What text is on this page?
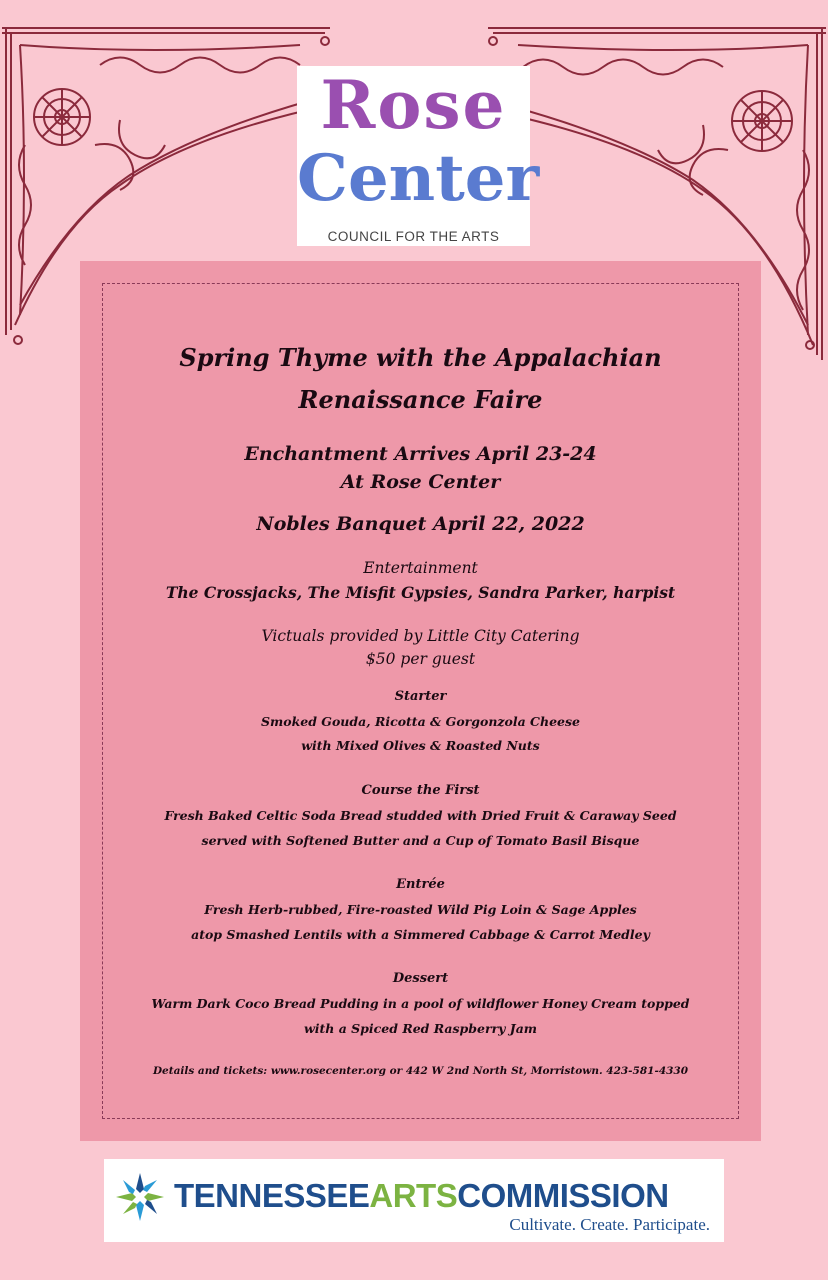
Rose
Center
COUNCIL FOR THE ARTS
Spring Thyme with the Appalachian
Renaissance Faire
Enchantment Arrives April 23-24
At Rose Center
Nobles Banquet April 22, 2022
Entertainment
The Crossjacks, The Misfit Gypsies, Sandra Parker, harpist
Victuals provided by Little City Catering
$50 per guest
Starter
Smoked Gouda, Ricotta & Gorgonzola Cheese
with Mixed Olives & Roasted Nuts
Course the First
Fresh Baked Celtic Soda Bread studded with Dried Fruit & Caraway Seed
served with Softened Butter and a Cup of Tomato Basil Bisque
Entrée
Fresh Herb-rubbed, Fire-roasted Wild Pig Loin & Sage Apples
atop Smashed Lentils with a Simmered Cabbage & Carrot Medley
Dessert
Warm Dark Coco Bread Pudding in a pool of wildflower Honey Cream topped
with a Spiced Red Raspberry Jam
Details and tickets: www.rosecenter.org or 442 W 2nd North St, Morristown. 423-581-4330
TENNESSEEARTSCOMMISSION
Cultivate. Create. Participate.
